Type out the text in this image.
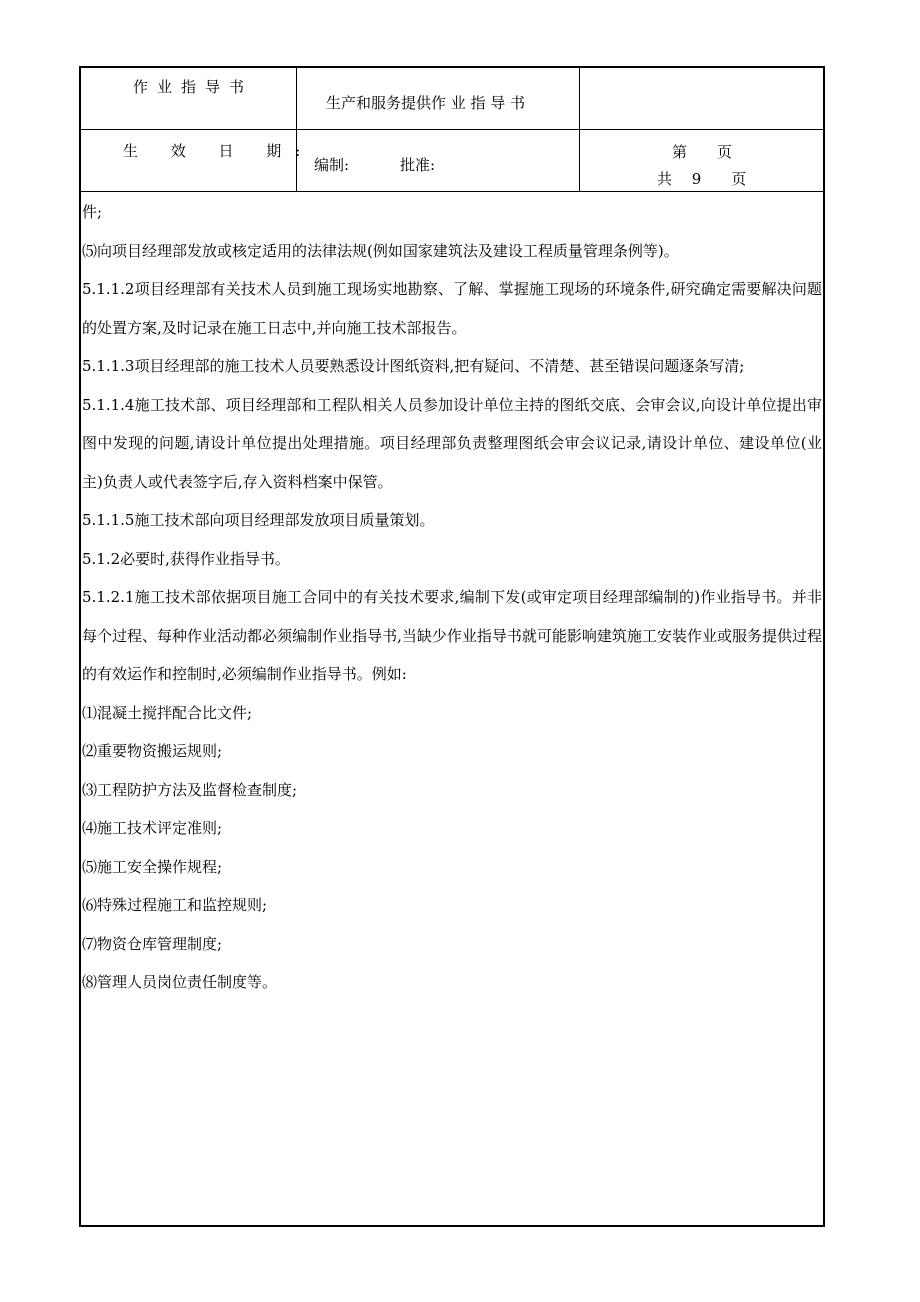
作业指导书
生产和服务提供作 业 指 导 书
生 效 日 期:
编制:	批准:
第　　页
共　 9　　页

件;

⑸向项目经理部发放或核定适用的法律法规(例如国家建筑法及建设工程质量管理条例等)。

5.1.1.2项目经理部有关技术人员到施工现场实地勘察、了解、掌握施工现场的环境条件,研究确定需要解决问题的处置方案,及时记录在施工日志中,并向施工技术部报告。

5.1.1.3项目经理部的施工技术人员要熟悉设计图纸资料,把有疑问、不清楚、甚至错误问题逐条写清;

5.1.1.4施工技术部、项目经理部和工程队相关人员参加设计单位主持的图纸交底、会审会议,向设计单位提出审图中发现的问题,请设计单位提出处理措施。项目经理部负责整理图纸会审会议记录,请设计单位、建设单位(业主)负责人或代表签字后,存入资料档案中保管。

5.1.1.5施工技术部向项目经理部发放项目质量策划。

5.1.2必要时,获得作业指导书。

5.1.2.1施工技术部依据项目施工合同中的有关技术要求,编制下发(或审定项目经理部编制的)作业指导书。并非每个过程、每种作业活动都必须编制作业指导书,当缺少作业指导书就可能影响建筑施工安装作业或服务提供过程的有效运作和控制时,必须编制作业指导书。例如:

⑴混凝土搅拌配合比文件;

⑵重要物资搬运规则;

⑶工程防护方法及监督检查制度;

⑷施工技术评定准则;

⑸施工安全操作规程;

⑹特殊过程施工和监控规则;

⑺物资仓库管理制度;

⑻管理人员岗位责任制度等。
